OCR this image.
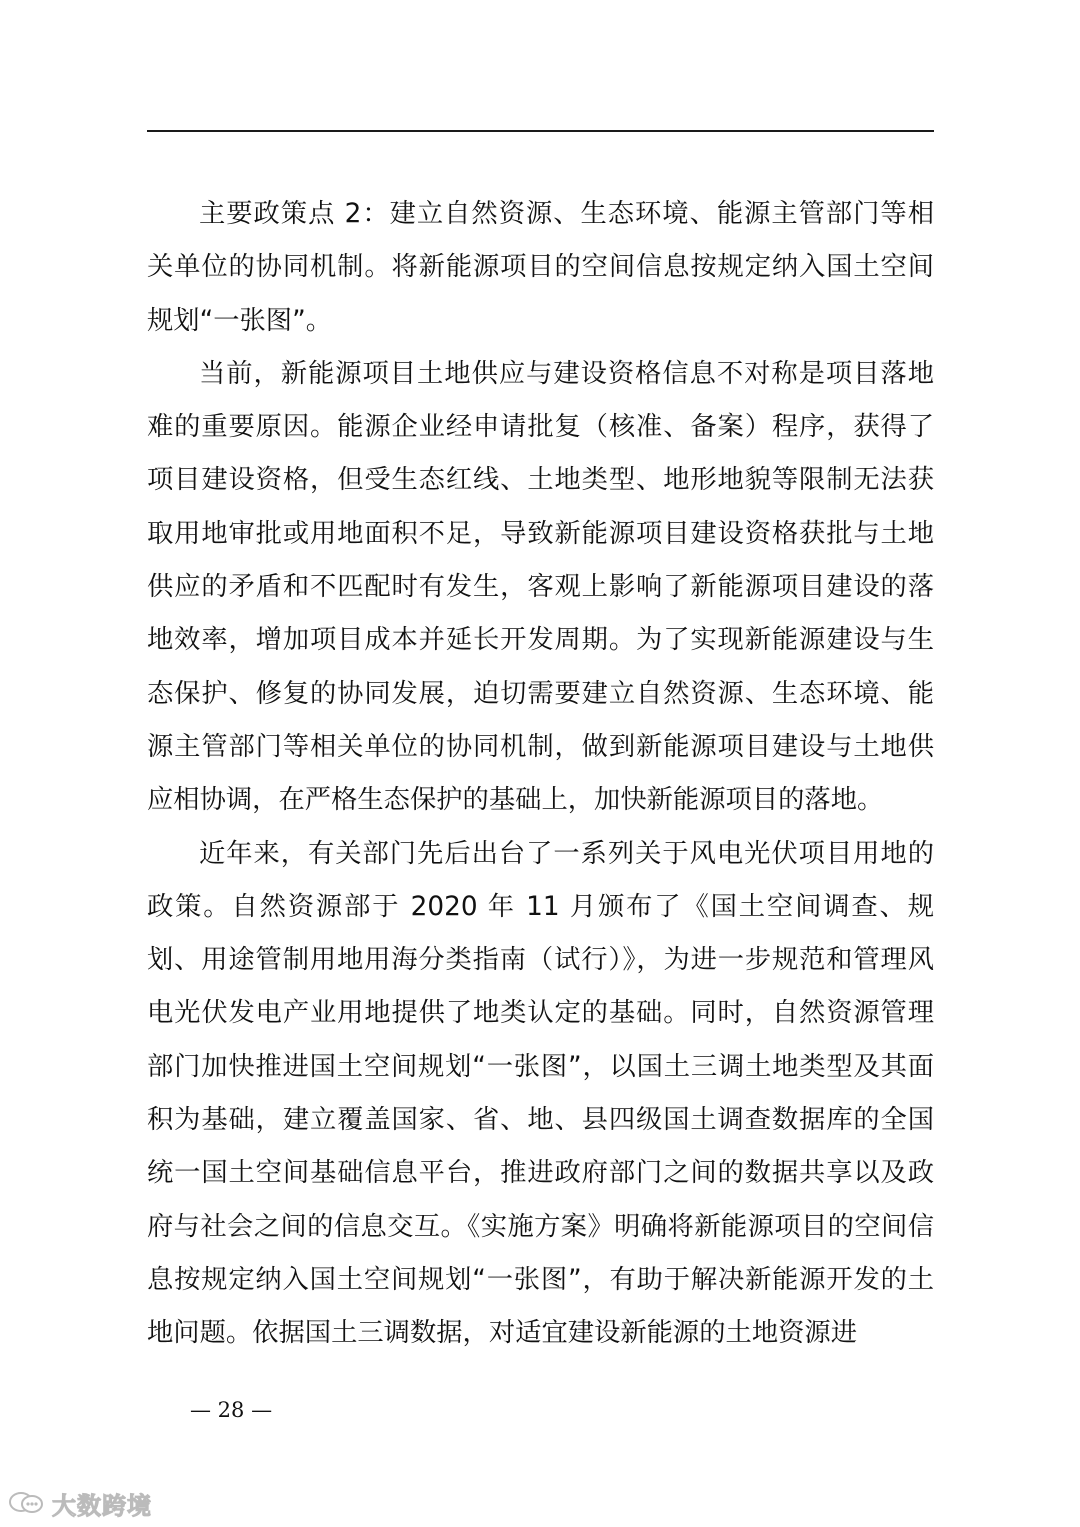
主要政策点 2：建立自然资源、生态环境、能源主管部门等相关单位的协同机制。将新能源项目的空间信息按规定纳入国土空间规划“一张图”。

当前，新能源项目土地供应与建设资格信息不对称是项目落地难的重要原因。能源企业经申请批复（核准、备案）程序，获得了项目建设资格，但受生态红线、土地类型、地形地貌等限制无法获取用地审批或用地面积不足，导致新能源项目建设资格获批与土地供应的矛盾和不匹配时有发生，客观上影响了新能源项目建设的落地效率，增加项目成本并延长开发周期。为了实现新能源建设与生态保护、修复的协同发展，迫切需要建立自然资源、生态环境、能源主管部门等相关单位的协同机制，做到新能源项目建设与土地供应相协调，在严格生态保护的基础上，加快新能源项目的落地。

近年来，有关部门先后出台了一系列关于风电光伏项目用地的政策。自然资源部于 2020 年 11 月颁布了《国土空间调查、规划、用途管制用地用海分类指南（试行）》，为进一步规范和管理风电光伏发电产业用地提供了地类认定的基础。同时，自然资源管理部门加快推进国土空间规划“一张图”，以国土三调土地类型及其面积为基础，建立覆盖国家、省、地、县四级国土调查数据库的全国统一国土空间基础信息平台，推进政府部门之间的数据共享以及政府与社会之间的信息交互。《实施方案》明确将新能源项目的空间信息按规定纳入国土空间规划“一张图”，有助于解决新能源开发的土地问题。依据国土三调数据，对适宜建设新能源的土地资源进

— 28 —
大数跨境
